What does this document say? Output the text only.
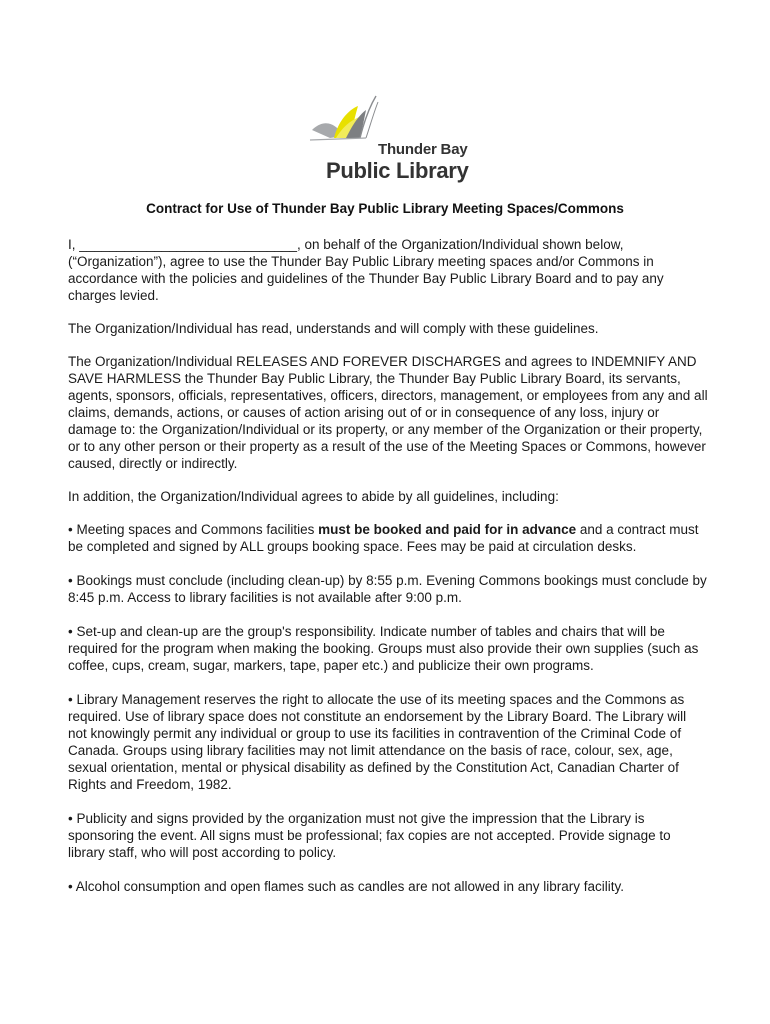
Thunder Bay
Public Library
Contract for Use of Thunder Bay Public Library Meeting Spaces/Commons

I, _____________________________, on behalf of the Organization/Individual shown below, (“Organization”), agree to use the Thunder Bay Public Library meeting spaces and/or Commons in accordance with the policies and guidelines of the Thunder Bay Public Library Board and to pay any charges levied.

The Organization/Individual has read, understands and will comply with these guidelines.

The Organization/Individual RELEASES AND FOREVER DISCHARGES and agrees to INDEMNIFY AND SAVE HARMLESS the Thunder Bay Public Library, the Thunder Bay Public Library Board, its servants, agents, sponsors, officials, representatives, officers, directors, management, or employees from any and all claims, demands, actions, or causes of action arising out of or in consequence of any loss, injury or damage to: the Organization/Individual or its property, or any member of the Organization or their property, or to any other person or their property as a result of the use of the Meeting Spaces or Commons, however caused, directly or indirectly.

In addition, the Organization/Individual agrees to abide by all guidelines, including:

• Meeting spaces and Commons facilities must be booked and paid for in advance and a contract must be completed and signed by ALL groups booking space. Fees may be paid at circulation desks.

• Bookings must conclude (including clean-up) by 8:55 p.m. Evening Commons bookings must conclude by 8:45 p.m. Access to library facilities is not available after 9:00 p.m.

• Set-up and clean-up are the group's responsibility. Indicate number of tables and chairs that will be required for the program when making the booking. Groups must also provide their own supplies (such as coffee, cups, cream, sugar, markers, tape, paper etc.) and publicize their own programs.

• Library Management reserves the right to allocate the use of its meeting spaces and the Commons as required. Use of library space does not constitute an endorsement by the Library Board. The Library will not knowingly permit any individual or group to use its facilities in contravention of the Criminal Code of Canada. Groups using library facilities may not limit attendance on the basis of race, colour, sex, age, sexual orientation, mental or physical disability as defined by the Constitution Act, Canadian Charter of Rights and Freedom, 1982.

• Publicity and signs provided by the organization must not give the impression that the Library is sponsoring the event. All signs must be professional; fax copies are not accepted. Provide signage to library staff, who will post according to policy.

• Alcohol consumption and open flames such as candles are not allowed in any library facility.
